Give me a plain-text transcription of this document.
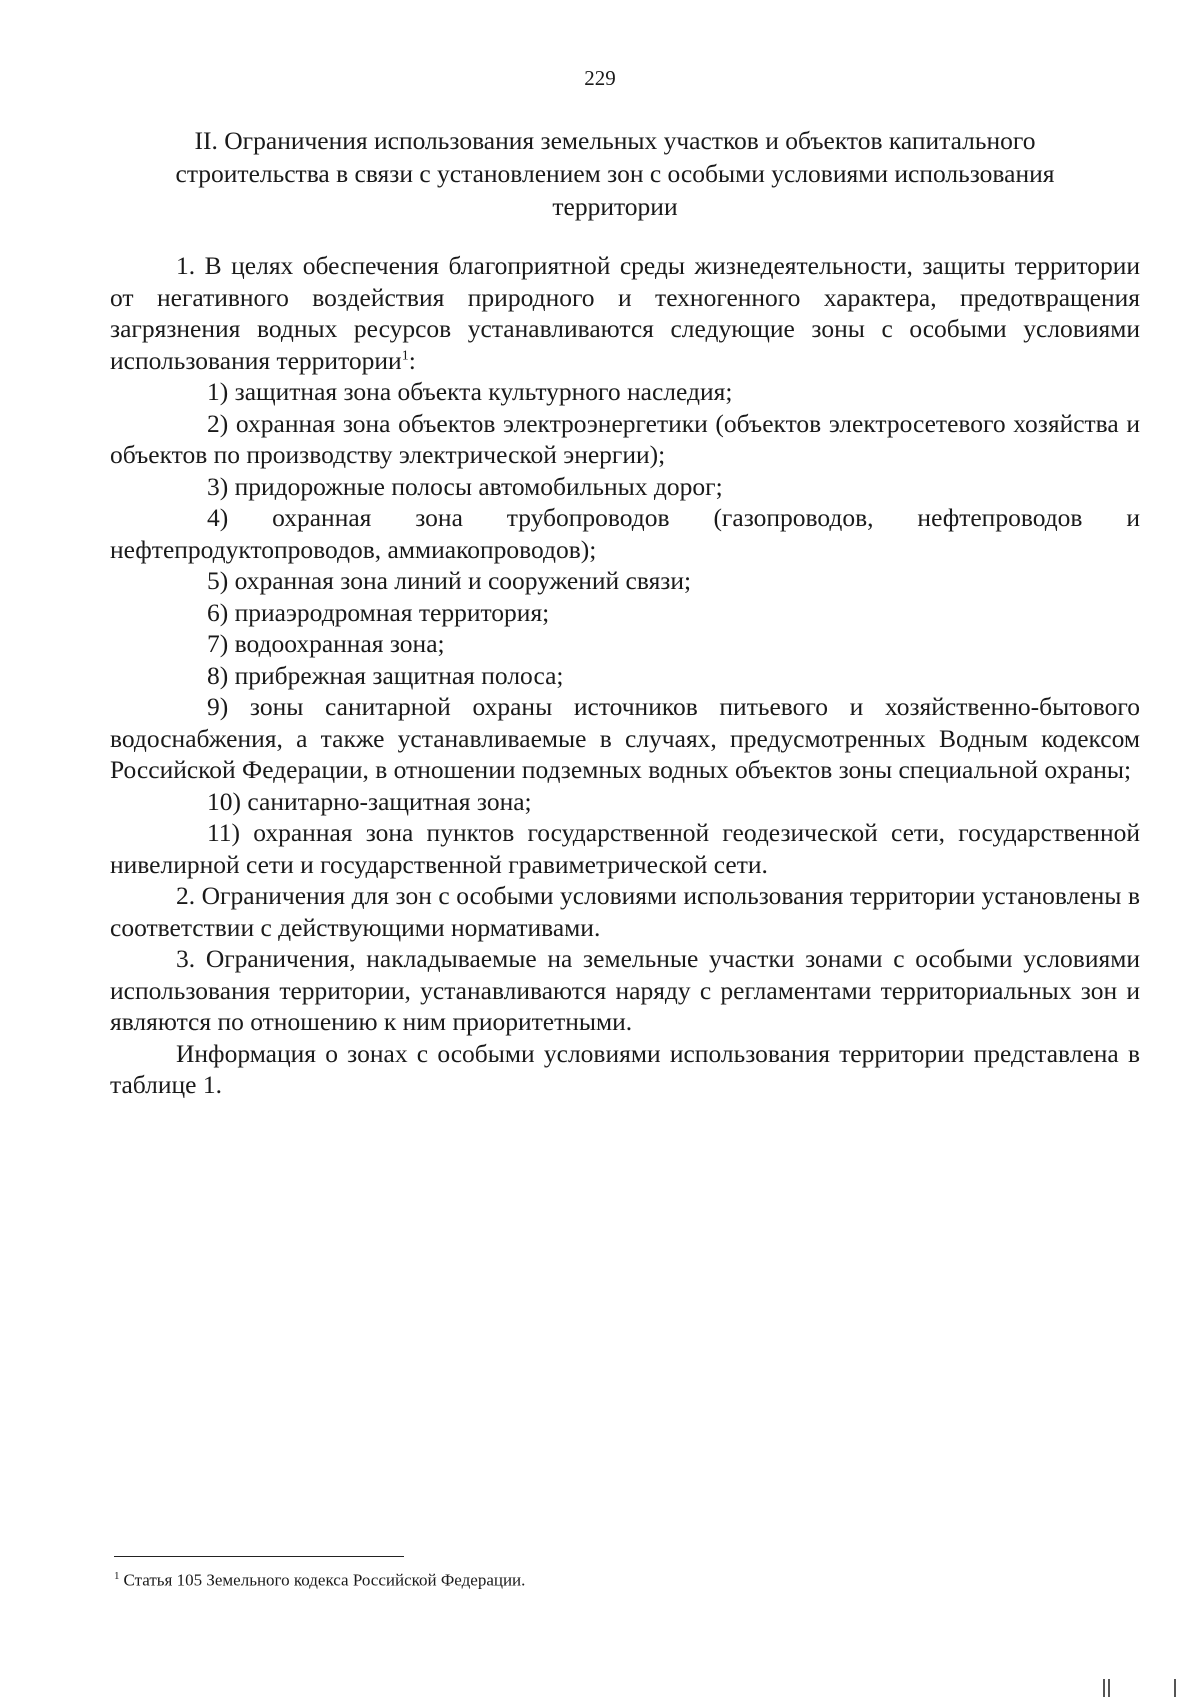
229
II. Ограничения использования земельных участков и объектов капитального
строительства в связи с установлением зон с особыми условиями использования
территории

1. В целях обеспечения благоприятной среды жизнедеятельности, защиты территории от негативного воздействия природного и техногенного характера, предотвращения загрязнения водных ресурсов устанавливаются следующие зоны с особыми условиями использования территории$^1$:

1) защитная зона объекта культурного наследия;

2) охранная зона объектов электроэнергетики (объектов электросетевого хозяйства и объектов по производству электрической энергии);

3) придорожные полосы автомобильных дорог;

4) охранная зона трубопроводов (газопроводов, нефтепроводов и нефтепродуктопроводов, аммиакопроводов);

5) охранная зона линий и сооружений связи;

6) приаэродромная территория;

7) водоохранная зона;

8) прибрежная защитная полоса;

9) зоны санитарной охраны источников питьевого и хозяйственно-бытового водоснабжения, а также устанавливаемые в случаях, предусмотренных Водным кодексом Российской Федерации, в отношении подземных водных объектов зоны специальной охраны;

10) санитарно-защитная зона;

11) охранная зона пунктов государственной геодезической сети, государственной нивелирной сети и государственной гравиметрической сети.

2. Ограничения для зон с особыми условиями использования территории установлены в соответствии с действующими нормативами.

3. Ограничения, накладываемые на земельные участки зонами с особыми условиями использования территории, устанавливаются наряду с регламентами территориальных зон и являются по отношению к ним приоритетными.

Информация о зонах с особыми условиями использования территории представлена в таблице 1.

$^1$ Статья 105 Земельного кодекса Российской Федерации.
